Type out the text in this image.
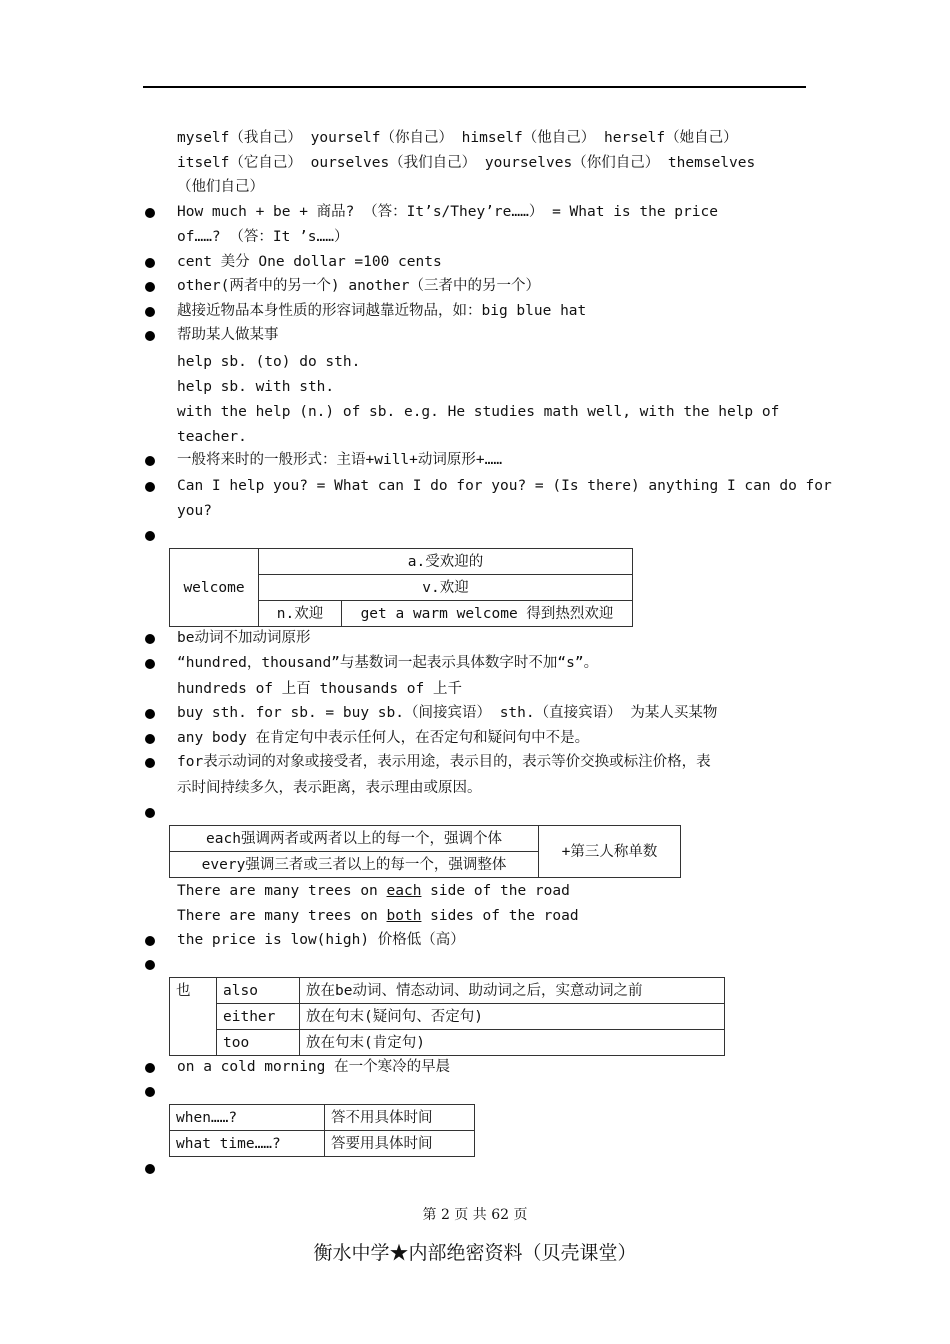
myself（我自己） yourself（你自己） himself（他自己） herself（她自己）
itself（它自己） ourselves（我们自己） yourselves（你们自己） themselves
（他们自己）
How much + be + 商品? （答：It’s/They’re……） = What is the price
of……? （答：It ’s……）
cent 美分 One dollar =100 cents
other(两者中的另一个) another（三者中的另一个）
越接近物品本身性质的形容词越靠近物品，如：big blue hat
帮助某人做某事
help sb. (to) do sth.
help sb. with sth.
with the help (n.) of sb. e.g. He studies math well, with the help of
teacher.
一般将来时的一般形式：主语+will+动词原形+……
Can I help you? = What can I do for you? = (Is there) anything I can do for
you?
welcome	a.受欢迎的	
	v.欢迎	
	n.欢迎	get a warm welcome 得到热烈欢迎
be动词不加动词原形
“hundred，thousand”与基数词一起表示具体数字时不加“s”。
hundreds of 上百 thousands of 上千
buy sth. for sb. = buy sb.（间接宾语） sth.（直接宾语） 为某人买某物
any body 在肯定句中表示任何人，在否定句和疑问句中不是。
for表示动词的对象或接受者，表示用途，表示目的，表示等价交换或标注价格，表
示时间持续多久，表示距离，表示理由或原因。
each强调两者或两者以上的每一个，强调个体	+第三人称单数
every强调三者或三者以上的每一个，强调整体
There are many trees on each side of the road
There are many trees on both sides of the road
the price is low(high) 价格低（高）
也	also	放在be动词、情态动词、助动词之后，实意动词之前
	either	放在句末(疑问句、否定句)
	too	放在句末(肯定句)
on a cold morning 在一个寒冷的早晨
when……?	答不用具体时间
what time……?	答要用具体时间
第 2 页 共 62 页
衡水中学★内部绝密资料（贝壳课堂）
